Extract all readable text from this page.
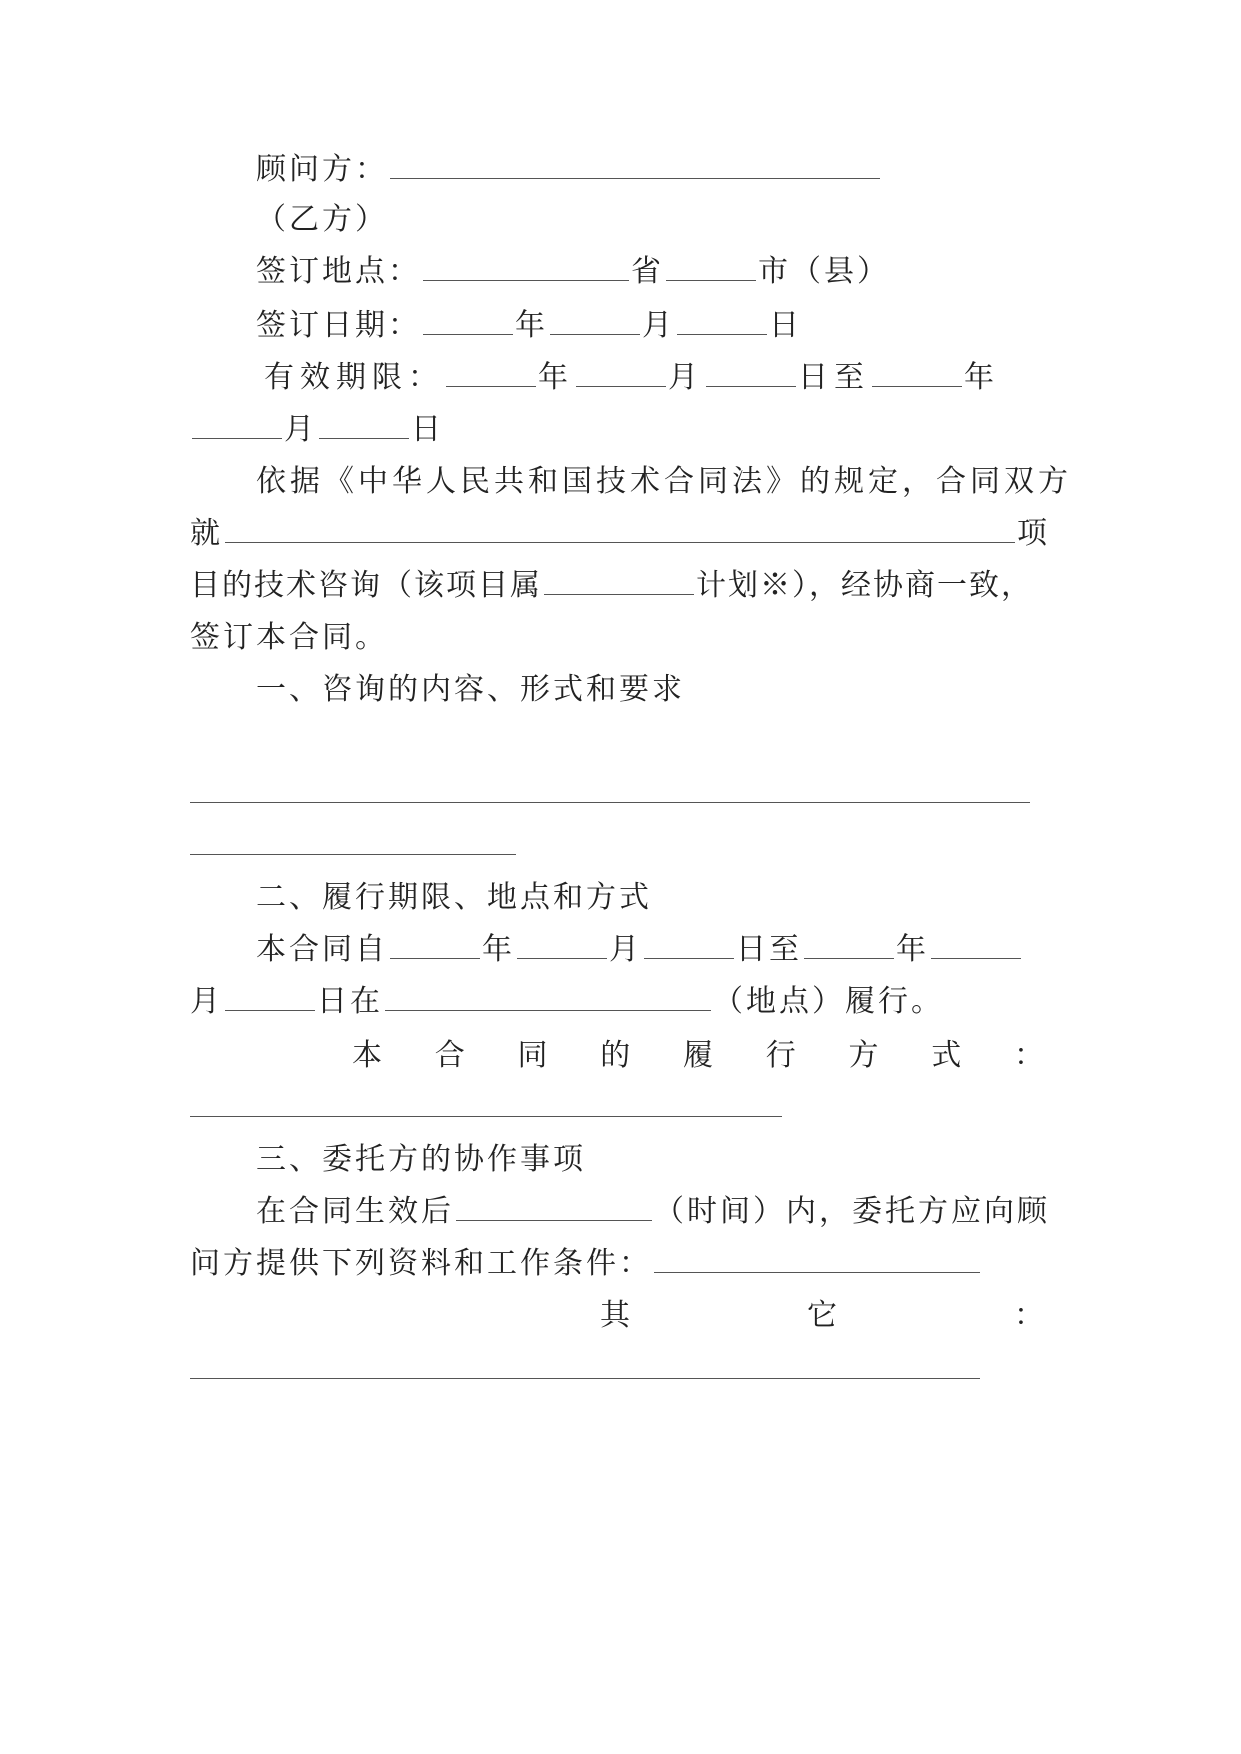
顾问方：
（乙方）
签订地点：	省	市（县）
签订日期：	年	月	日
有效期限：	年	月	日至	年
月	日
依据《中华人民共和国技术合同法》的规定，合同双方
就	项
目的技术咨询（该项目属	计划※），经协商一致，
签订本合同。
一、咨询的内容、形式和要求
二、履行期限、地点和方式
本合同自	年	月	日至	年
月	日在	（地点）履行。
本 合 同 的 履 行 方 式 ：
三、委托方的协作事项
在合同生效后	（时间）内，委托方应向顾
问方提供下列资料和工作条件：
其	它	：
